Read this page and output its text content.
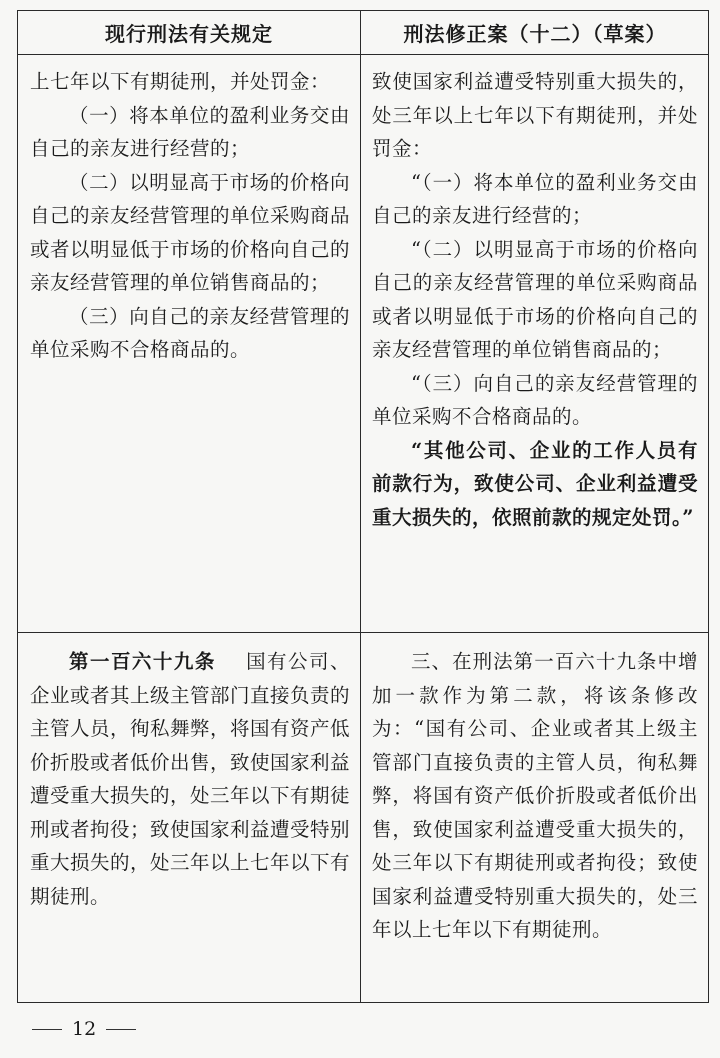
现行刑法有关规定	刑法修正案（十二）（草案）

上七年以下有期徒刑，并处罚金：

（一）将本单位的盈利业务交由自己的亲友进行经营的；

（二）以明显高于市场的价格向自己的亲友经营管理的单位采购商品或者以明显低于市场的价格向自己的亲友经营管理的单位销售商品的；

（三）向自己的亲友经营管理的单位采购不合格商品的。

致使国家利益遭受特别重大损失的，处三年以上七年以下有期徒刑，并处罚金：

“（一）将本单位的盈利业务交由自己的亲友进行经营的；

“（二）以明显高于市场的价格向自己的亲友经营管理的单位采购商品或者以明显低于市场的价格向自己的亲友经营管理的单位销售商品的；

“（三）向自己的亲友经营管理的单位采购不合格商品的。

“其他公司、企业的工作人员有前款行为，致使公司、企业利益遭受重大损失的，依照前款的规定处罚。”

第一百六十九条 国有公司、企业或者其上级主管部门直接负责的主管人员，徇私舞弊，将国有资产低价折股或者低价出售，致使国家利益遭受重大损失的，处三年以下有期徒刑或者拘役；致使国家利益遭受特别重大损失的，处三年以上七年以下有期徒刑。

三、在刑法第一百六十九条中增加一款作为第二款，将该条修改为：“国有公司、企业或者其上级主管部门直接负责的主管人员，徇私舞弊，将国有资产低价折股或者低价出售，致使国家利益遭受重大损失的，处三年以下有期徒刑或者拘役；致使国家利益遭受特别重大损失的，处三年以上七年以下有期徒刑。

12
